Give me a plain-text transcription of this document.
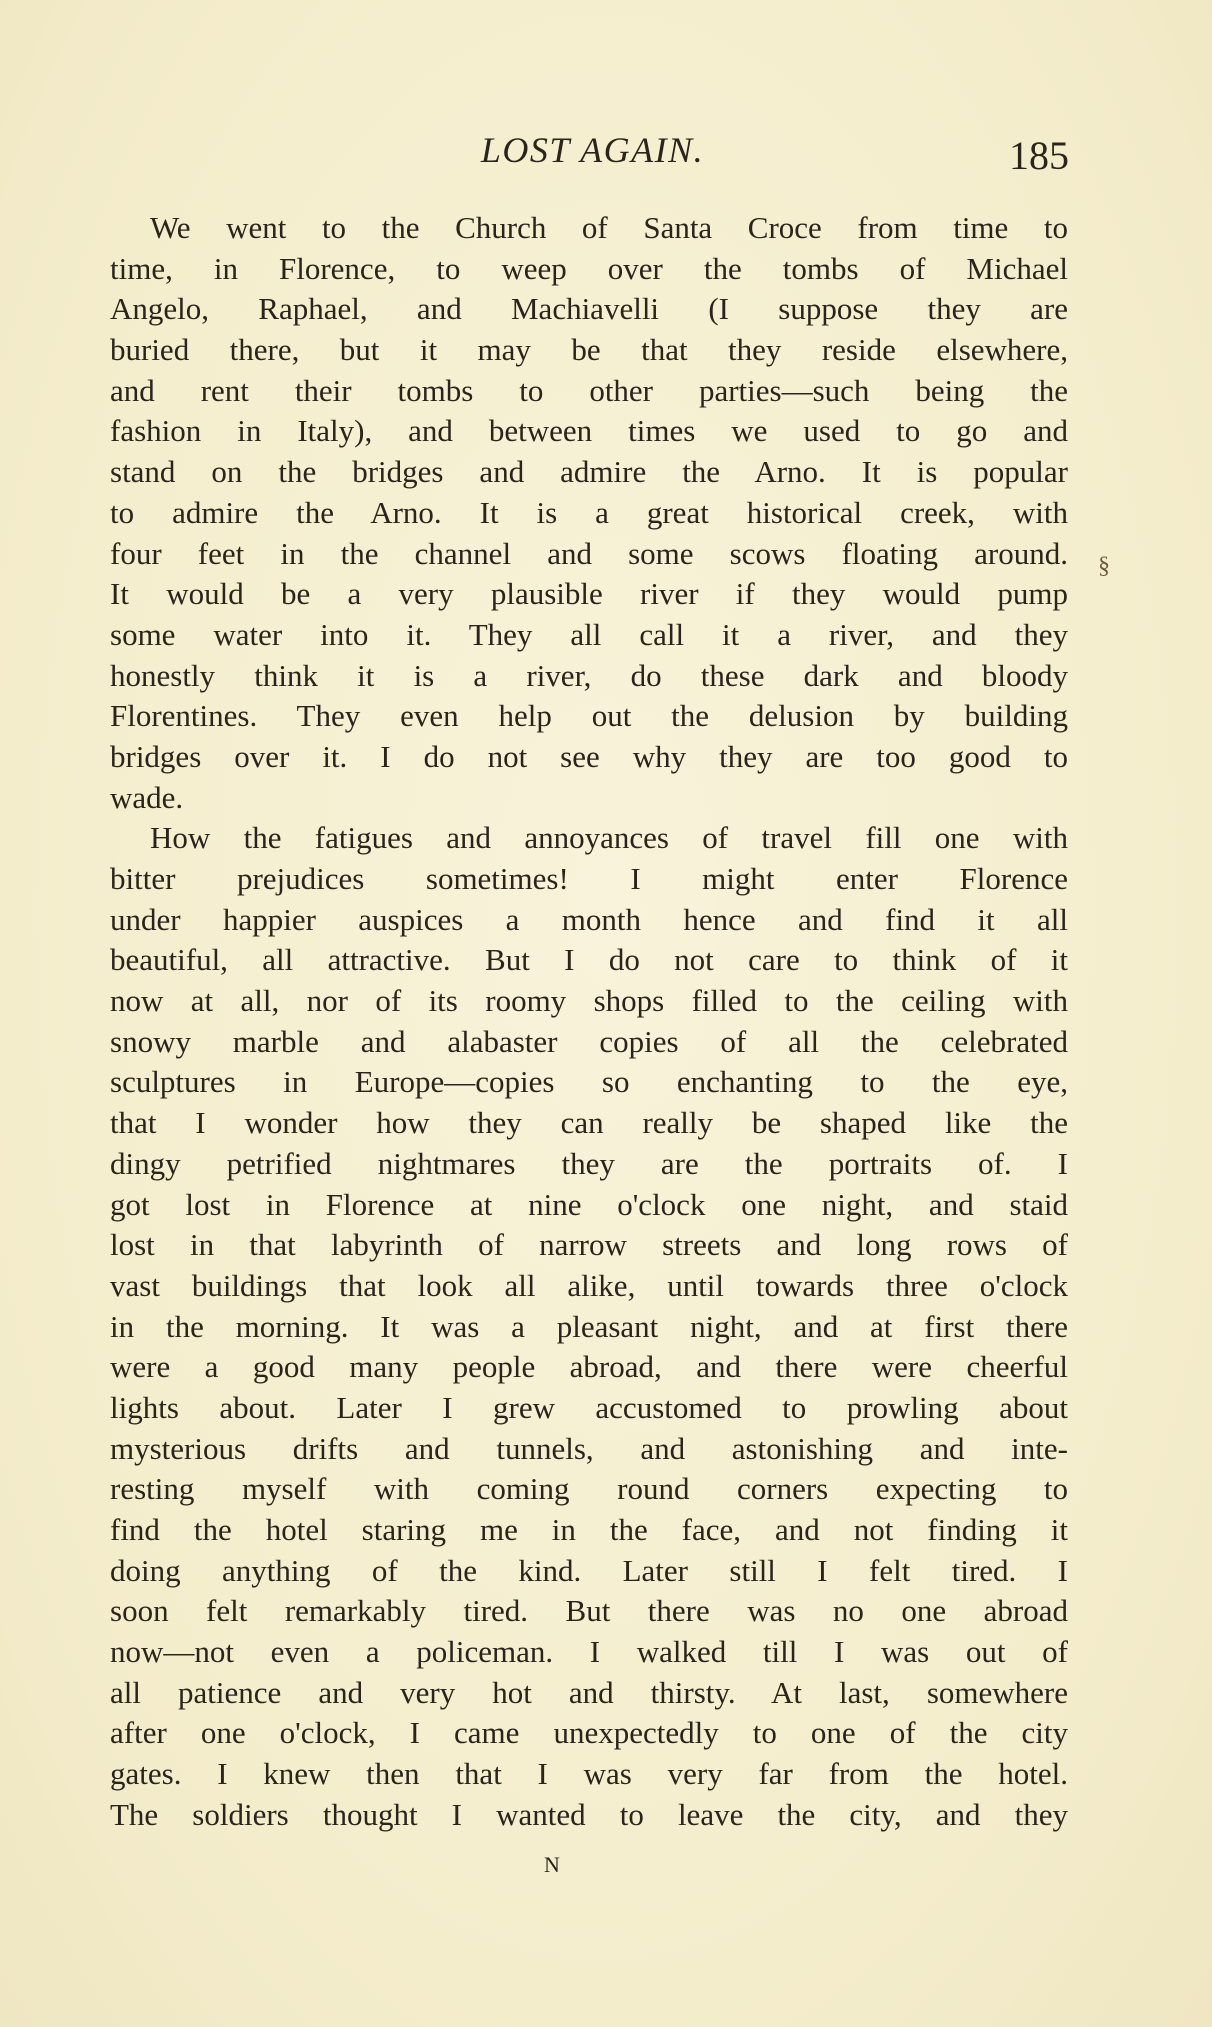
LOST AGAIN.	185
We went to the Church of Santa Croce from time to
time, in Florence, to weep over the tombs of Michael
Angelo, Raphael, and Machiavelli (I suppose they are
buried there, but it may be that they reside elsewhere,
and rent their tombs to other parties—such being the
fashion in Italy), and between times we used to go and
stand on the bridges and admire the Arno. It is popular
to admire the Arno. It is a great historical creek, with
four feet in the channel and some scows floating around.
It would be a very plausible river if they would pump
some water into it. They all call it a river, and they
honestly think it is a river, do these dark and bloody
Florentines. They even help out the delusion by building
bridges over it. I do not see why they are too good to
wade.
How the fatigues and annoyances of travel fill one with
bitter prejudices sometimes! I might enter Florence
under happier auspices a month hence and find it all
beautiful, all attractive. But I do not care to think of it
now at all, nor of its roomy shops filled to the ceiling with
snowy marble and alabaster copies of all the celebrated
sculptures in Europe—copies so enchanting to the eye,
that I wonder how they can really be shaped like the
dingy petrified nightmares they are the portraits of. I
got lost in Florence at nine o'clock one night, and staid
lost in that labyrinth of narrow streets and long rows of
vast buildings that look all alike, until towards three o'clock
in the morning. It was a pleasant night, and at first there
were a good many people abroad, and there were cheerful
lights about. Later I grew accustomed to prowling about
mysterious drifts and tunnels, and astonishing and inte-
resting myself with coming round corners expecting to
find the hotel staring me in the face, and not finding it
doing anything of the kind. Later still I felt tired. I
soon felt remarkably tired. But there was no one abroad
now—not even a policeman. I walked till I was out of
all patience and very hot and thirsty. At last, somewhere
after one o'clock, I came unexpectedly to one of the city
gates. I knew then that I was very far from the hotel.
The soldiers thought I wanted to leave the city, and they
§
N
